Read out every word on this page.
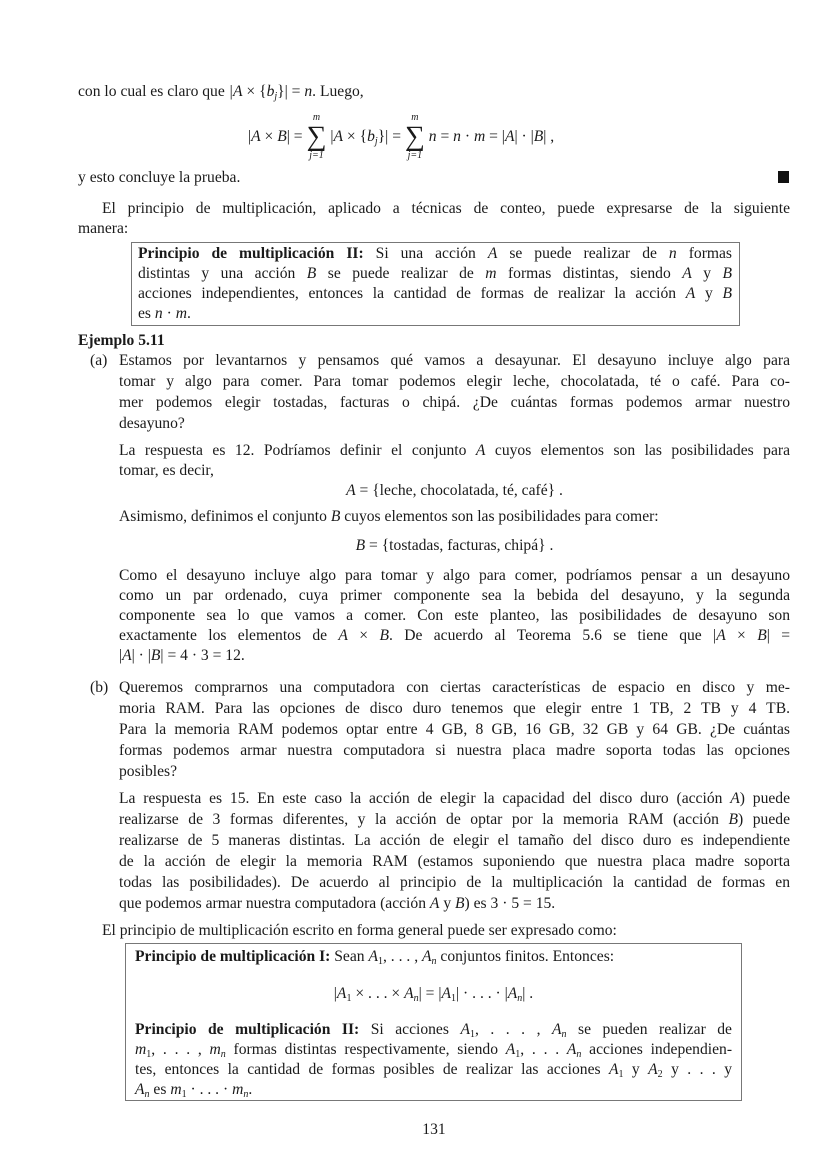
con lo cual es claro que $|A \times \{b_j\}| = n$. Luego,
|A × B| =
m
∑
j=1
$|A \times \{b_j\}|$ =
m
∑
j=1
n = n · m = |A| · |B| ,
y esto concluye la prueba.
El principio de multiplicación, aplicado a técnicas de conteo, puede expresarse de la siguiente
manera:
Principio de multiplicación II: Si una acción A se puede realizar de n formas
distintas y una acción B se puede realizar de m formas distintas, siendo A y B
acciones independientes, entonces la cantidad de formas de realizar la acción A y B
es n · m.
Ejemplo 5.11
(a) Estamos por levantarnos y pensamos qué vamos a desayunar. El desayuno incluye algo para
tomar y algo para comer. Para tomar podemos elegir leche, chocolatada, té o café. Para co-
mer podemos elegir tostadas, facturas o chipá. ¿De cuántas formas podemos armar nuestro
desayuno?
La respuesta es 12. Podríamos definir el conjunto A cuyos elementos son las posibilidades para
tomar, es decir,
A = {leche, chocolatada, té, café} .
Asimismo, definimos el conjunto B cuyos elementos son las posibilidades para comer:
B = {tostadas, facturas, chipá} .
Como el desayuno incluye algo para tomar y algo para comer, podríamos pensar a un desayuno
como un par ordenado, cuya primer componente sea la bebida del desayuno, y la segunda
componente sea lo que vamos a comer. Con este planteo, las posibilidades de desayuno son
exactamente los elementos de A × B. De acuerdo al Teorema 5.6 se tiene que |A × B| =
|A| · |B| = 4 · 3 = 12.
(b) Queremos comprarnos una computadora con ciertas características de espacio en disco y me-
moria RAM. Para las opciones de disco duro tenemos que elegir entre 1 TB, 2 TB y 4 TB.
Para la memoria RAM podemos optar entre 4 GB, 8 GB, 16 GB, 32 GB y 64 GB. ¿De cuántas
formas podemos armar nuestra computadora si nuestra placa madre soporta todas las opciones
posibles?
La respuesta es 15. En este caso la acción de elegir la capacidad del disco duro (acción A) puede
realizarse de 3 formas diferentes, y la acción de optar por la memoria RAM (acción B) puede
realizarse de 5 maneras distintas. La acción de elegir el tamaño del disco duro es independiente
de la acción de elegir la memoria RAM (estamos suponiendo que nuestra placa madre soporta
todas las posibilidades). De acuerdo al principio de la multiplicación la cantidad de formas en
que podemos armar nuestra computadora (acción A y B) es 3 · 5 = 15.
El principio de multiplicación escrito en forma general puede ser expresado como:
Principio de multiplicación I: Sean $A_1$, . . . , $A_n$ conjuntos finitos. Entonces:
$|A_1$ × . . . × $A_n| = |A_1|$ · . . . · $|A_n|$ .
Principio de multiplicación II: Si acciones $A_1$, . . . , $A_n$ se pueden realizar de
$m_1$, . . . , $m_n$ formas distintas respectivamente, siendo $A_1$, . . . $A_n$ acciones independien-
tes, entonces la cantidad de formas posibles de realizar las acciones $A_1$ y $A_2$ y . . . y
$A_n$ es $m_1$ · . . . · $m_n$.
131
